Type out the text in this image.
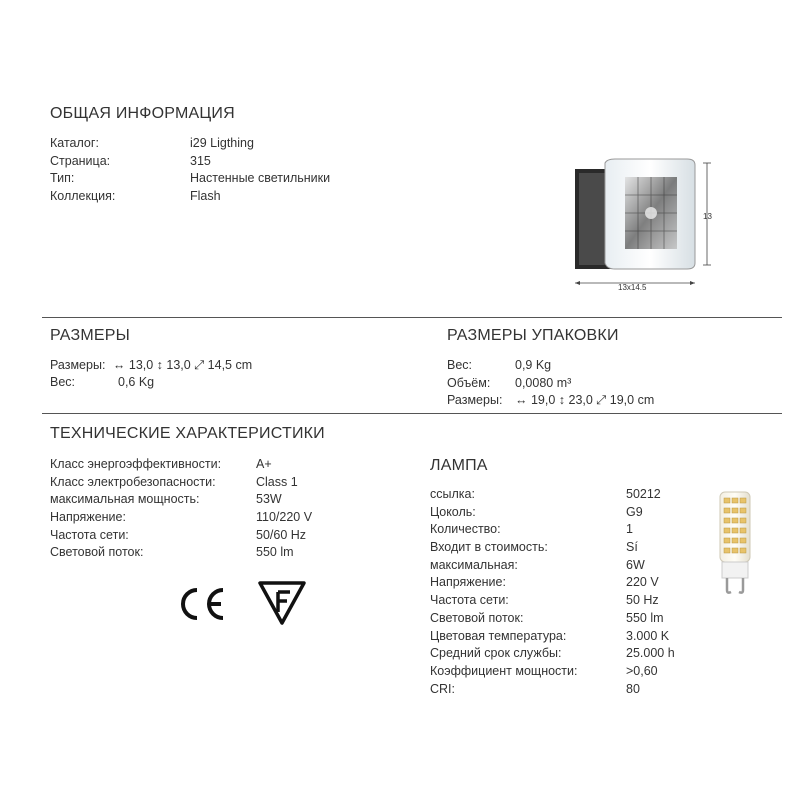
ОБЩАЯ ИНФОРМАЦИЯ
Каталог:	i29 Ligthing
Страница:	315
Тип:	Настенные светильники
Коллекция:	Flash
13
13x14.5
РАЗМЕРЫ
Размеры: ↔ 13,0 ↕ 13,0 ⤢ 14,5 cm
Вес:	0,6 Kg
РАЗМЕРЫ УПАКОВКИ
Вес:	0,9 Kg
Объём: 0,0080 m³
Размеры: ↔ 19,0 ↕ 23,0 ⤢ 19,0 cm
ТЕХНИЧЕСКИЕ ХАРАКТЕРИСТИКИ
Класс энергоэффективности:	A+
Класс электробезопасности:	Class 1
максимальная мощность:	53W
Напряжение:	110/220 V
Частота сети:	50/60 Hz
Световой поток:	550 lm
ЛАМПА
ссылка:	50212
Цоколь:	G9
Количество:	1
Входит в стоимость:	Sí
максимальная:	6W
Напряжение:	220 V
Частота сети:	50 Hz
Световой поток:	550 lm
Цветовая температура:	3.000 K
Средний срок службы:	25.000 h
Коэффициент мощности:	>0,60
CRI:	80
